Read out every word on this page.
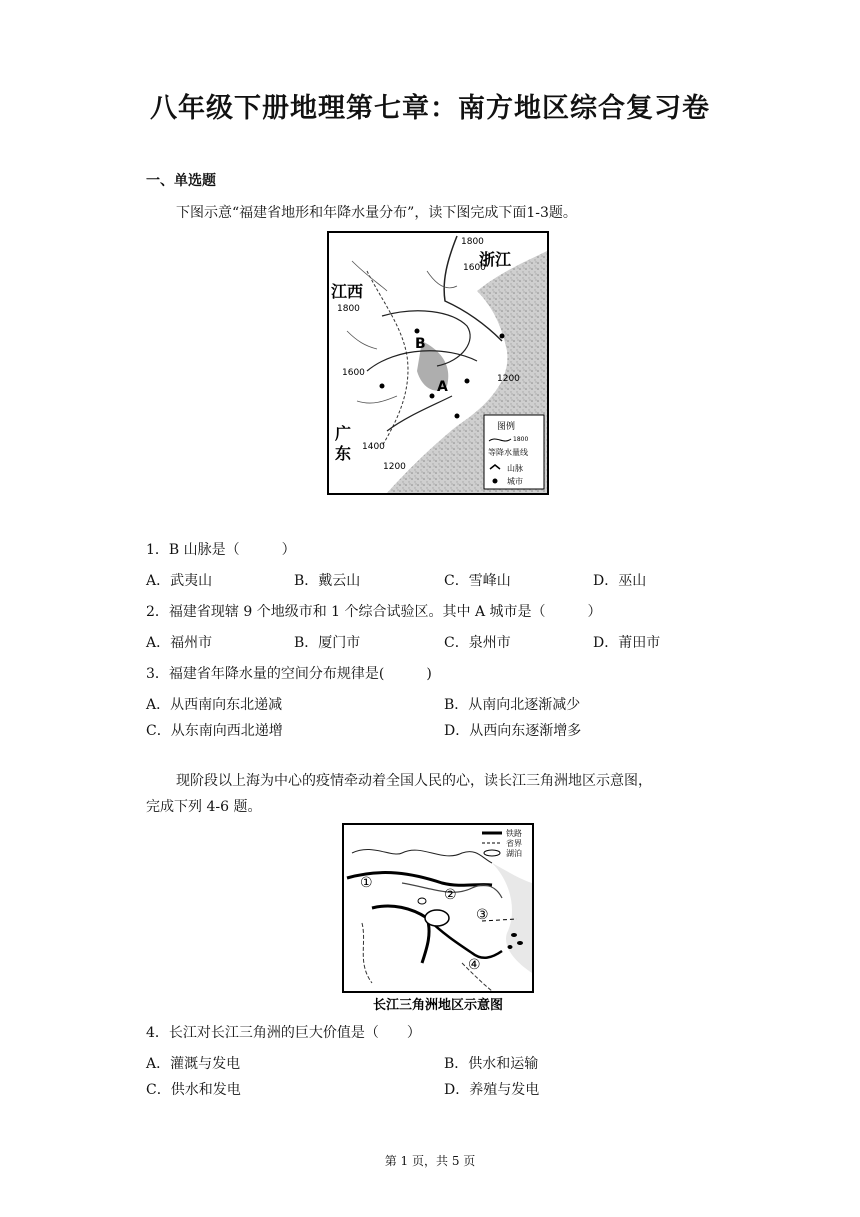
八年级下册地理第七章：南方地区综合复习卷
一、单选题
下图示意“福建省地形和年降水量分布”，读下图完成下面1-3题。
浙江
江西
广
东
B
A
1800
1600
1800
1600
1200
1400
1200
图例
1800
等降水量线
山脉
城市
1．B 山脉是（　　　）
A．武夷山	B．戴云山	C．雪峰山	D．巫山
2．福建省现辖 9 个地级市和 1 个综合试验区。其中 A 城市是（　　　）
A．福州市	B．厦门市	C．泉州市	D．莆田市
3．福建省年降水量的空间分布规律是(　　　)
A．从西南向东北递减	B．从南向北逐渐减少
C．从东南向西北递增	D．从西向东逐渐增多
现阶段以上海为中心的疫情牵动着全国人民的心，读长江三角洲地区示意图，
完成下列 4-6 题。
①
②
③
④
铁路
省界
湖泊
长江三角洲地区示意图
4．长江对长江三角洲的巨大价值是（　　）
A．灌溉与发电	B．供水和运输
C．供水和发电	D．养殖与发电
第 1 页，共 5 页
